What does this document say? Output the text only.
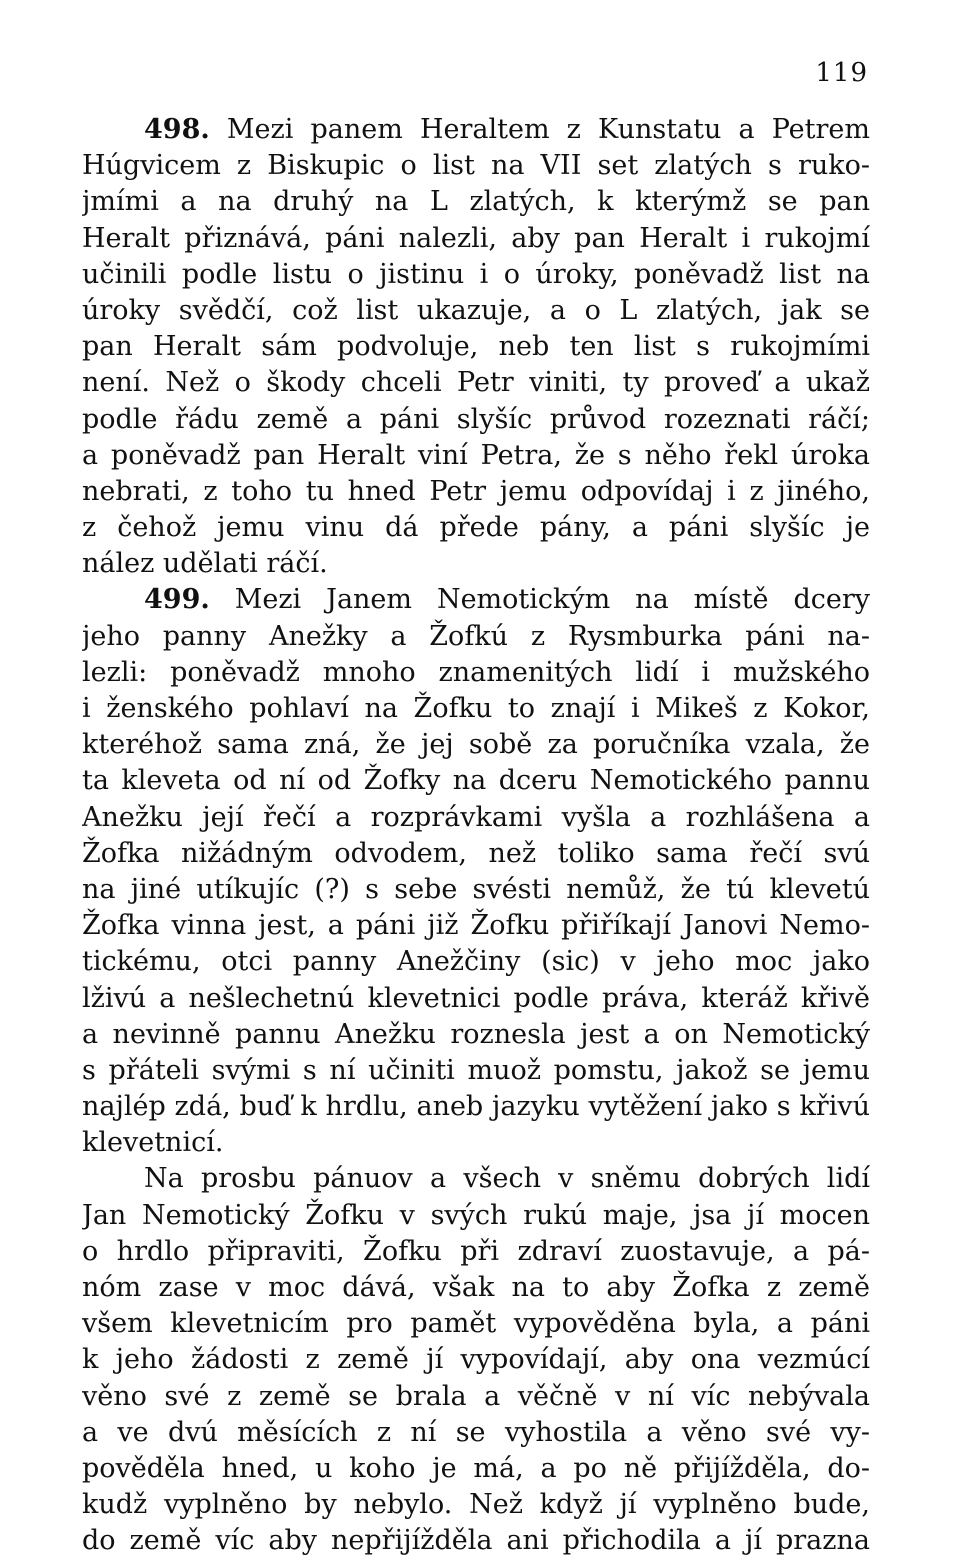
119
498. Mezi panem Heraltem z Kunstatu a Petrem
Húgvicem z Biskupic o list na VII set zlatých s ruko-
jmími a na druhý na L zlatých, k kterýmž se pan
Heralt přiznává, páni nalezli, aby pan Heralt i rukojmí
učinili podle listu o jistinu i o úroky, poněvadž list na
úroky svědčí, což list ukazuje, a o L zlatých, jak se
pan Heralt sám podvoluje, neb ten list s rukojmími
není. Než o škody chceli Petr viniti, ty proveď a ukaž
podle řádu země a páni slyšíc průvod rozeznati ráčí;
a poněvadž pan Heralt viní Petra, že s něho řekl úroka
nebrati, z toho tu hned Petr jemu odpovídaj i z jiného,
z čehož jemu vinu dá přede pány, a páni slyšíc je
nález udělati ráčí.
499. Mezi Janem Nemotickým na místě dcery
jeho panny Anežky a Žofkú z Rysmburka páni na-
lezli: poněvadž mnoho znamenitých lidí i mužského
i ženského pohlaví na Žofku to znají i Mikeš z Kokor,
kteréhož sama zná, že jej sobě za poručníka vzala, že
ta kleveta od ní od Žofky na dceru Nemotického pannu
Anežku její řečí a rozprávkami vyšla a rozhlášena a
Žofka nižádným odvodem, než toliko sama řečí svú
na jiné utíkujíc (?) s sebe svésti nemůž, že tú klevetú
Žofka vinna jest, a páni již Žofku přiříkají Janovi Nemo-
tickému, otci panny Anežčiny (sic) v jeho moc jako
lživú a nešlechetnú klevetnici podle práva, kteráž křivě
a nevinně pannu Anežku roznesla jest a on Nemotický
s přáteli svými s ní učiniti muož pomstu, jakož se jemu
najlép zdá, buď k hrdlu, aneb jazyku vytěžení jako s křivú
klevetnicí.
Na prosbu pánuov a všech v sněmu dobrých lidí
Jan Nemotický Žofku v svých rukú maje, jsa jí mocen
o hrdlo připraviti, Žofku při zdraví zuostavuje, a pá-
nóm zase v moc dává, však na to aby Žofka z země
všem klevetnicím pro pamět vypověděna byla, a páni
k jeho žádosti z země jí vypovídají, aby ona vezmúcí
věno své z země se brala a věčně v ní víc nebývala
a ve dvú měsících z ní se vyhostila a věno své vy-
pověděla hned, u koho je má, a po ně přijížděla, do-
kudž vyplněno by nebylo. Než když jí vyplněno bude,
do země víc aby nepřijížděla ani přichodila a jí prazna
